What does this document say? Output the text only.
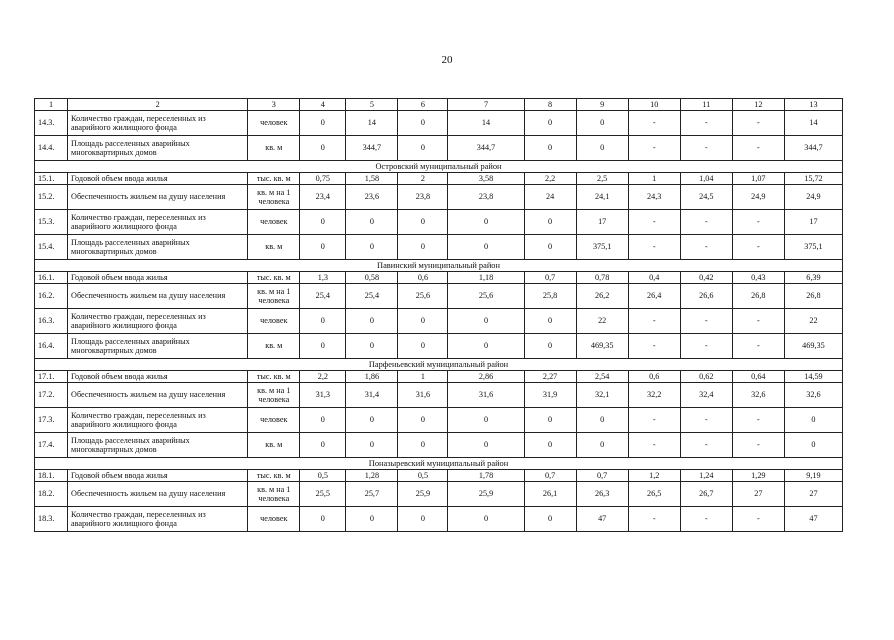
20
1	2	3	4	5	6	7	8	9	10	11	12	13
14.3.	Количество граждан, переселенных из аварийного жилищного фонда	человек	0	14	0	14	0	0	-	-	-	14
14.4.	Площадь расселенных аварийных многоквартирных домов	кв. м	0	344,7	0	344,7	0	0	-	-	-	344,7
Островский муниципальный район												
15.1.	Годовой объем ввода жилья	тыс. кв. м	0,75	1,58	2	3,58	2,2	2,5	1	1,04	1,07	15,72
15.2.	Обеспеченность жильем на душу населения	кв. м на 1 человека	23,4	23,6	23,8	23,8	24	24,1	24,3	24,5	24,9	24,9
15.3.	Количество граждан, переселенных из аварийного жилищного фонда	человек	0	0	0	0	0	17	-	-	-	17
15.4.	Площадь расселенных аварийных многоквартирных домов	кв. м	0	0	0	0	0	375,1	-	-	-	375,1
Павинский муниципальный район												
16.1.	Годовой объем ввода жилья	тыс. кв. м	1,3	0,58	0,6	1,18	0,7	0,78	0,4	0,42	0,43	6,39
16.2.	Обеспеченность жильем на душу населения	кв. м на 1 человека	25,4	25,4	25,6	25,6	25,8	26,2	26,4	26,6	26,8	26,8
16.3.	Количество граждан, переселенных из аварийного жилищного фонда	человек	0	0	0	0	0	22	-	-	-	22
16.4.	Площадь расселенных аварийных многоквартирных домов	кв. м	0	0	0	0	0	469,35	-	-	-	469,35
Парфеньевский муниципальный район												
17.1.	Годовой объем ввода жилья	тыс. кв. м	2,2	1,86	1	2,86	2,27	2,54	0,6	0,62	0,64	14,59
17.2.	Обеспеченность жильем на душу населения	кв. м на 1 человека	31,3	31,4	31,6	31,6	31,9	32,1	32,2	32,4	32,6	32,6
17.3.	Количество граждан, переселенных из аварийного жилищного фонда	человек	0	0	0	0	0	0	-	-	-	0
17.4.	Площадь расселенных аварийных многоквартирных домов	кв. м	0	0	0	0	0	0	-	-	-	0
Поназыревский муниципальный район												
18.1.	Годовой объем ввода жилья	тыс. кв. м	0,5	1,28	0,5	1,78	0,7	0,7	1,2	1,24	1,29	9,19
18.2.	Обеспеченность жильем на душу населения	кв. м на 1 человека	25,5	25,7	25,9	25,9	26,1	26,3	26,5	26,7	27	27
18.3.	Количество граждан, переселенных из аварийного жилищного фонда	человек	0	0	0	0	0	47	-	-	-	47
